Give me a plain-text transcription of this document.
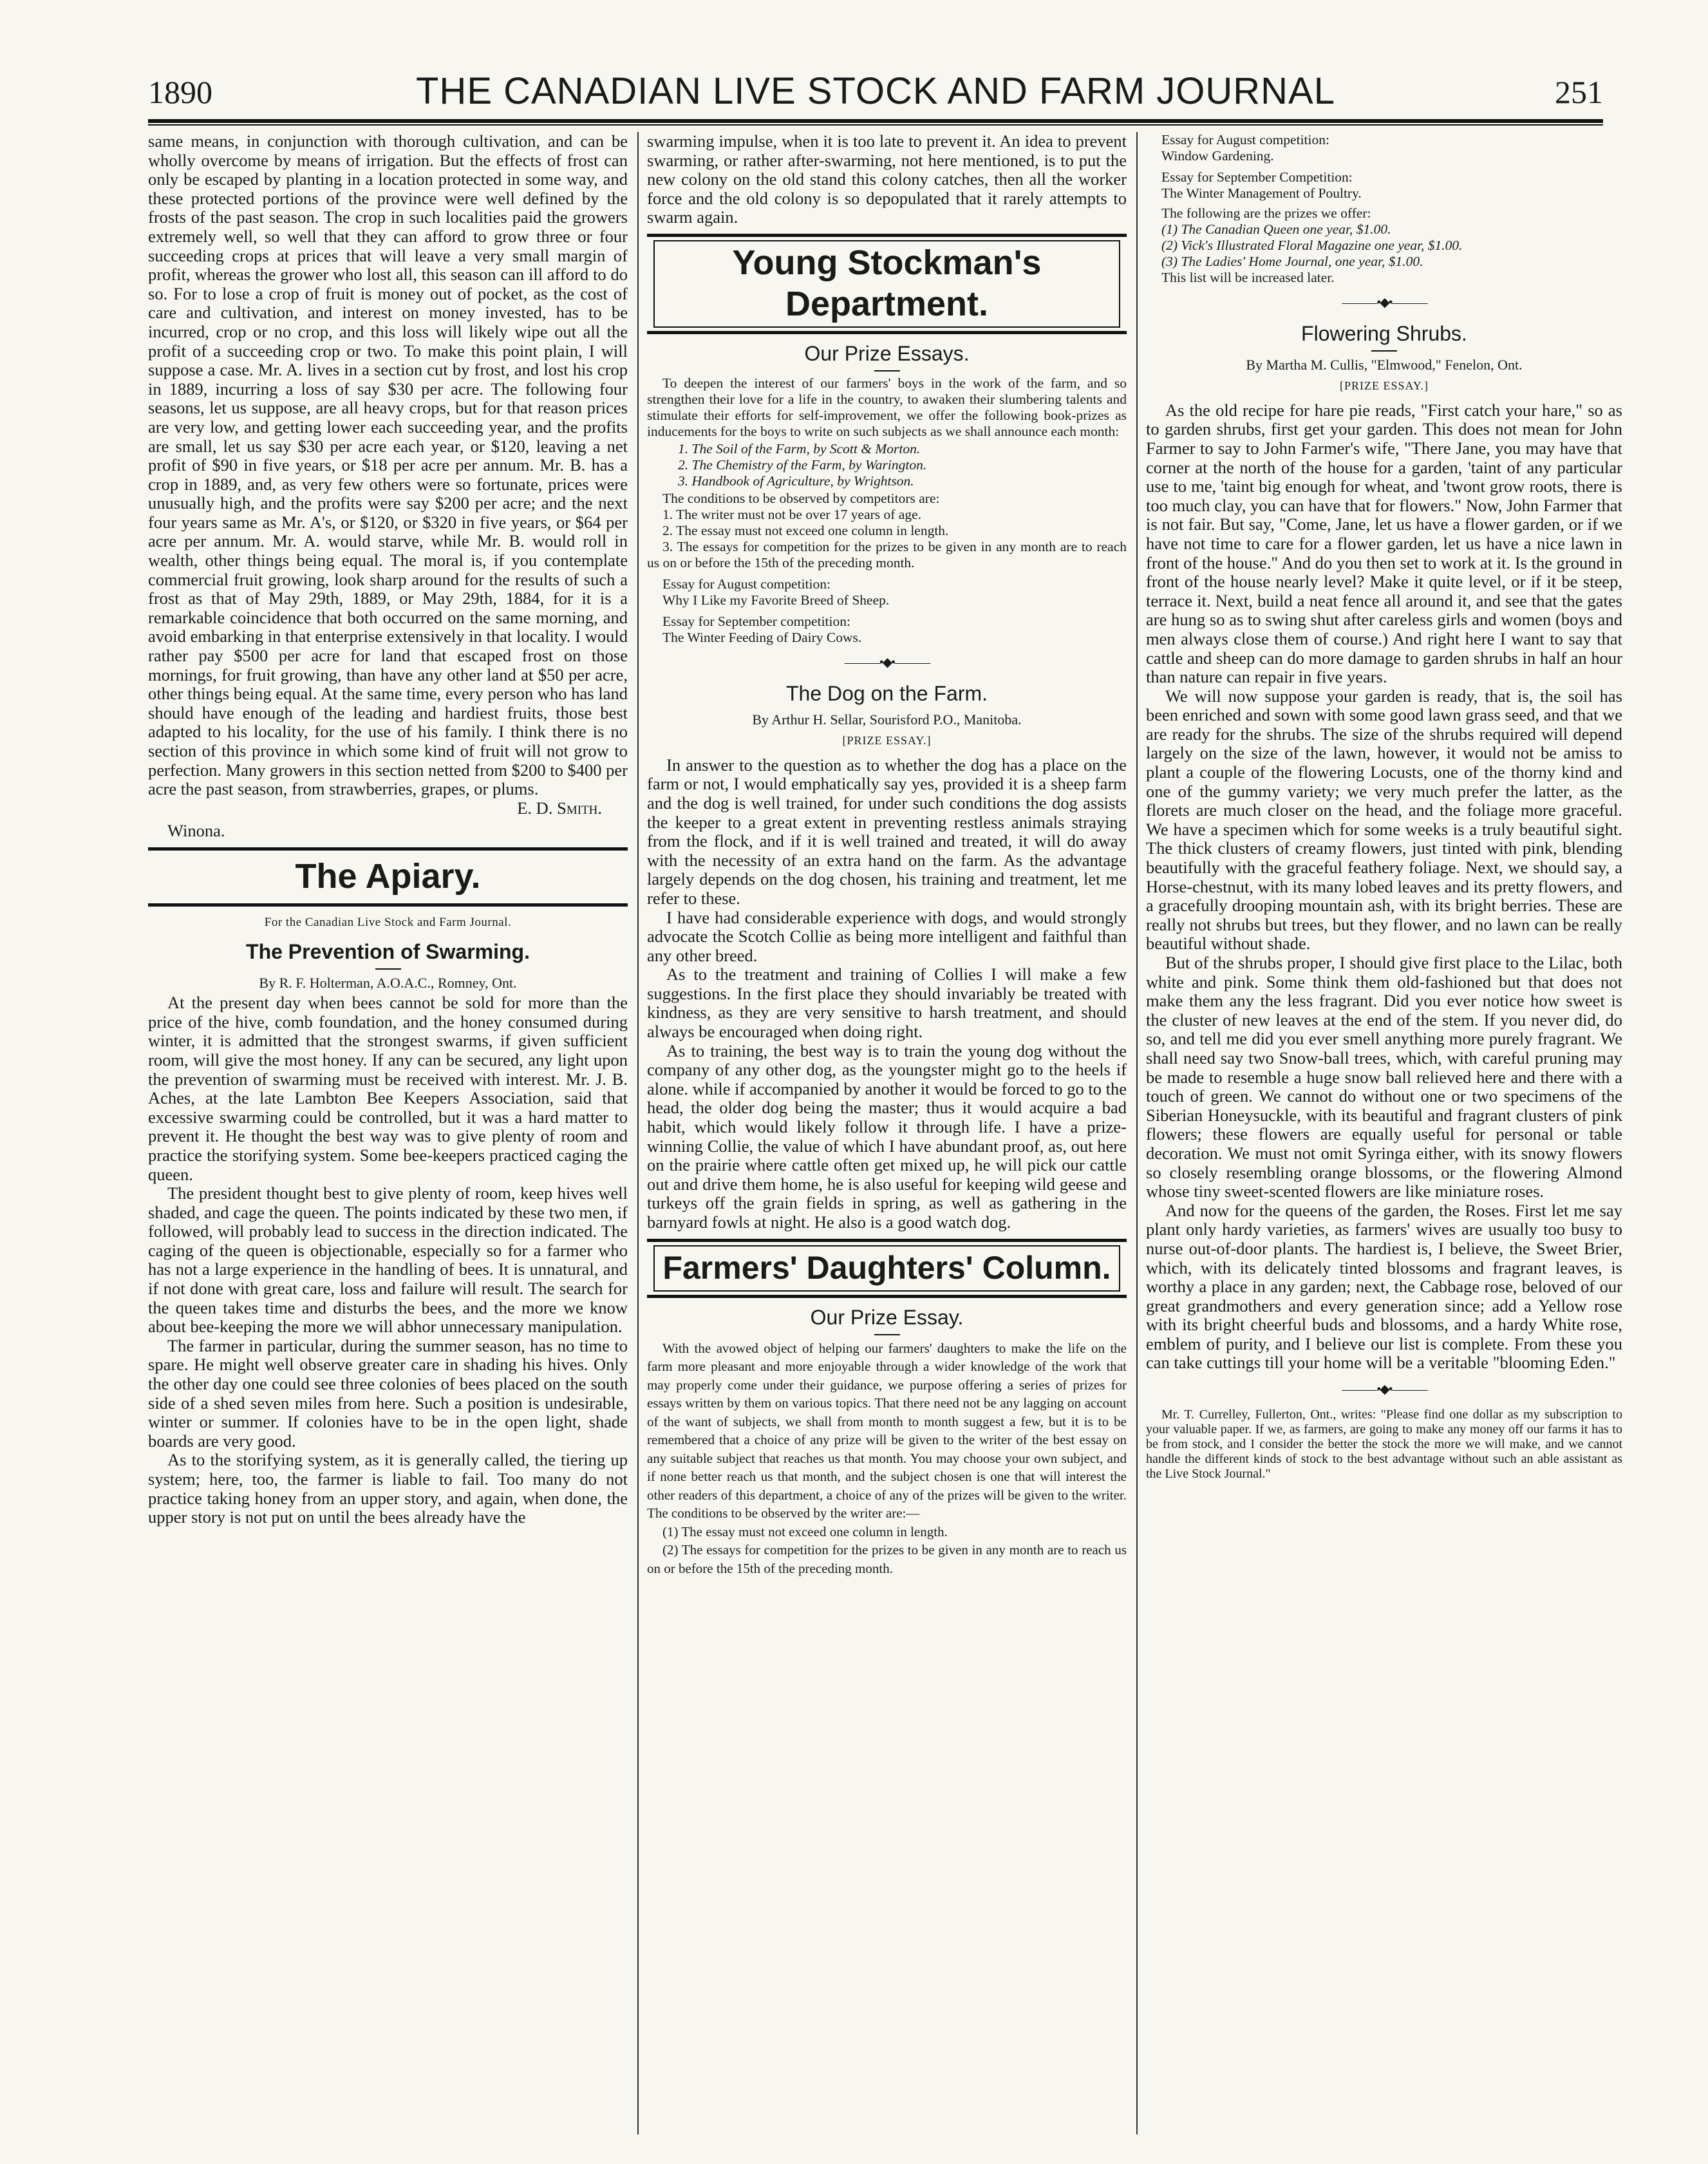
1890	THE CANADIAN LIVE STOCK AND FARM JOURNAL	251

same means, in conjunction with thorough cultivation, and can be wholly overcome by means of irrigation. But the effects of frost can only be escaped by planting in a location protected in some way, and these protected portions of the province were well defined by the frosts of the past season. The crop in such localities paid the growers extremely well, so well that they can afford to grow three or four succeeding crops at prices that will leave a very small margin of profit, whereas the grower who lost all, this season can ill afford to do so. For to lose a crop of fruit is money out of pocket, as the cost of care and cultivation, and interest on money invested, has to be incurred, crop or no crop, and this loss will likely wipe out all the profit of a succeeding crop or two. To make this point plain, I will suppose a case. Mr. A. lives in a section cut by frost, and lost his crop in 1889, incurring a loss of say $30 per acre. The following four seasons, let us suppose, are all heavy crops, but for that reason prices are very low, and getting lower each succeeding year, and the profits are small, let us say $30 per acre each year, or $120, leaving a net profit of $90 in five years, or $18 per acre per annum. Mr. B. has a crop in 1889, and, as very few others were so fortunate, prices were unusually high, and the profits were say $200 per acre; and the next four years same as Mr. A's, or $120, or $320 in five years, or $64 per acre per annum. Mr. A. would starve, while Mr. B. would roll in wealth, other things being equal. The moral is, if you contemplate commercial fruit growing, look sharp around for the results of such a frost as that of May 29th, 1889, or May 29th, 1884, for it is a remarkable coincidence that both occurred on the same morning, and avoid embarking in that enterprise extensively in that locality. I would rather pay $500 per acre for land that escaped frost on those mornings, for fruit growing, than have any other land at $50 per acre, other things being equal. At the same time, every person who has land should have enough of the leading and hardiest fruits, those best adapted to his locality, for the use of his family. I think there is no section of this province in which some kind of fruit will not grow to perfection. Many growers in this section netted from $200 to $400 per acre the past season, from strawberries, grapes, or plums.

E. D. Smith.
Winona.
The Apiary.
For the Canadian Live Stock and Farm Journal.
The Prevention of Swarming.
By R. F. Holterman, A.O.A.C., Romney, Ont.

At the present day when bees cannot be sold for more than the price of the hive, comb foundation, and the honey consumed during winter, it is admitted that the strongest swarms, if given sufficient room, will give the most honey. If any can be secured, any light upon the prevention of swarming must be received with interest. Mr. J. B. Aches, at the late Lambton Bee Keepers Association, said that excessive swarming could be controlled, but it was a hard matter to prevent it. He thought the best way was to give plenty of room and practice the storifying system. Some bee-keepers practiced caging the queen.

The president thought best to give plenty of room, keep hives well shaded, and cage the queen. The points indicated by these two men, if followed, will probably lead to success in the direction indicated. The caging of the queen is objectionable, especially so for a farmer who has not a large experience in the handling of bees. It is unnatural, and if not done with great care, loss and failure will result. The search for the queen takes time and disturbs the bees, and the more we know about bee-keeping the more we will abhor unnecessary manipulation.

The farmer in particular, during the summer season, has no time to spare. He might well observe greater care in shading his hives. Only the other day one could see three colonies of bees placed on the south side of a shed seven miles from here. Such a position is undesirable, winter or summer. If colonies have to be in the open light, shade boards are very good.

As to the storifying system, as it is generally called, the tiering up system; here, too, the farmer is liable to fail. Too many do not practice taking honey from an upper story, and again, when done, the upper story is not put on until the bees already have the

swarming impulse, when it is too late to prevent it. An idea to prevent swarming, or rather after-swarming, not here mentioned, is to put the new colony on the old stand this colony catches, then all the worker force and the old colony is so depopulated that it rarely attempts to swarm again.

Young Stockman's Department.
Our Prize Essays.

To deepen the interest of our farmers' boys in the work of the farm, and so strengthen their love for a life in the country, to awaken their slumbering talents and stimulate their efforts for self-improvement, we offer the following book-prizes as inducements for the boys to write on such subjects as we shall announce each month:

1. The Soil of the Farm, by Scott & Morton.
2. The Chemistry of the Farm, by Warington.
3. Handbook of Agriculture, by Wrightson.

The conditions to be observed by competitors are:

1. The writer must not be over 17 years of age.

2. The essay must not exceed one column in length.

3. The essays for competition for the prizes to be given in any month are to reach us on or before the 15th of the preceding month.

Essay for August competition:

Why I Like my Favorite Breed of Sheep.

Essay for September competition:

The Winter Feeding of Dairy Cows.

———•◆•———
The Dog on the Farm.
By Arthur H. Sellar, Sourisford P.O., Manitoba.
[PRIZE ESSAY.]

In answer to the question as to whether the dog has a place on the farm or not, I would emphatically say yes, provided it is a sheep farm and the dog is well trained, for under such conditions the dog assists the keeper to a great extent in preventing restless animals straying from the flock, and if it is well trained and treated, it will do away with the necessity of an extra hand on the farm. As the advantage largely depends on the dog chosen, his training and treatment, let me refer to these.

I have had considerable experience with dogs, and would strongly advocate the Scotch Collie as being more intelligent and faithful than any other breed.

As to the treatment and training of Collies I will make a few suggestions. In the first place they should invariably be treated with kindness, as they are very sensitive to harsh treatment, and should always be encouraged when doing right.

As to training, the best way is to train the young dog without the company of any other dog, as the youngster might go to the heels if alone. while if accompanied by another it would be forced to go to the head, the older dog being the master; thus it would acquire a bad habit, which would likely follow it through life. I have a prize-winning Collie, the value of which I have abundant proof, as, out here on the prairie where cattle often get mixed up, he will pick our cattle out and drive them home, he is also useful for keeping wild geese and turkeys off the grain fields in spring, as well as gathering in the barnyard fowls at night. He also is a good watch dog.

Farmers' Daughters' Column.
Our Prize Essay.

With the avowed object of helping our farmers' daughters to make the life on the farm more pleasant and more enjoyable through a wider knowledge of the work that may properly come under their guidance, we purpose offering a series of prizes for essays written by them on various topics. That there need not be any lagging on account of the want of subjects, we shall from month to month suggest a few, but it is to be remembered that a choice of any prize will be given to the writer of the best essay on any suitable subject that reaches us that month. You may choose your own subject, and if none better reach us that month, and the subject chosen is one that will interest the other readers of this department, a choice of any of the prizes will be given to the writer. The conditions to be observed by the writer are:—

(1) The essay must not exceed one column in length.

(2) The essays for competition for the prizes to be given in any month are to reach us on or before the 15th of the preceding month.

Essay for August competition:

Window Gardening.

Essay for September Competition:

The Winter Management of Poultry.

The following are the prizes we offer:

(1) The Canadian Queen one year, $1.00.

(2) Vick's Illustrated Floral Magazine one year, $1.00.

(3) The Ladies' Home Journal, one year, $1.00.

This list will be increased later.

———•◆•———
Flowering Shrubs.
By Martha M. Cullis, "Elmwood," Fenelon, Ont.
[PRIZE ESSAY.]

As the old recipe for hare pie reads, "First catch your hare," so as to garden shrubs, first get your garden. This does not mean for John Farmer to say to John Farmer's wife, "There Jane, you may have that corner at the north of the house for a garden, 'taint of any particular use to me, 'taint big enough for wheat, and 'twont grow roots, there is too much clay, you can have that for flowers." Now, John Farmer that is not fair. But say, "Come, Jane, let us have a flower garden, or if we have not time to care for a flower garden, let us have a nice lawn in front of the house." And do you then set to work at it. Is the ground in front of the house nearly level? Make it quite level, or if it be steep, terrace it. Next, build a neat fence all around it, and see that the gates are hung so as to swing shut after careless girls and women (boys and men always close them of course.) And right here I want to say that cattle and sheep can do more damage to garden shrubs in half an hour than nature can repair in five years.

We will now suppose your garden is ready, that is, the soil has been enriched and sown with some good lawn grass seed, and that we are ready for the shrubs. The size of the shrubs required will depend largely on the size of the lawn, however, it would not be amiss to plant a couple of the flowering Locusts, one of the thorny kind and one of the gummy variety; we very much prefer the latter, as the florets are much closer on the head, and the foliage more graceful. We have a specimen which for some weeks is a truly beautiful sight. The thick clusters of creamy flowers, just tinted with pink, blending beautifully with the graceful feathery foliage. Next, we should say, a Horse-chestnut, with its many lobed leaves and its pretty flowers, and a gracefully drooping mountain ash, with its bright berries. These are really not shrubs but trees, but they flower, and no lawn can be really beautiful without shade.

But of the shrubs proper, I should give first place to the Lilac, both white and pink. Some think them old-fashioned but that does not make them any the less fragrant. Did you ever notice how sweet is the cluster of new leaves at the end of the stem. If you never did, do so, and tell me did you ever smell anything more purely fragrant. We shall need say two Snow-ball trees, which, with careful pruning may be made to resemble a huge snow ball relieved here and there with a touch of green. We cannot do without one or two specimens of the Siberian Honeysuckle, with its beautiful and fragrant clusters of pink flowers; these flowers are equally useful for personal or table decoration. We must not omit Syringa either, with its snowy flowers so closely resembling orange blossoms, or the flowering Almond whose tiny sweet-scented flowers are like miniature roses.

And now for the queens of the garden, the Roses. First let me say plant only hardy varieties, as farmers' wives are usually too busy to nurse out-of-door plants. The hardiest is, I believe, the Sweet Brier, which, with its delicately tinted blossoms and fragrant leaves, is worthy a place in any garden; next, the Cabbage rose, beloved of our great grandmothers and every generation since; add a Yellow rose with its bright cheerful buds and blossoms, and a hardy White rose, emblem of purity, and I believe our list is complete. From these you can take cuttings till your home will be a veritable "blooming Eden."

———•◆•———

Mr. T. Currelley, Fullerton, Ont., writes: "Please find one dollar as my subscription to your valuable paper. If we, as farmers, are going to make any money off our farms it has to be from stock, and I consider the better the stock the more we will make, and we cannot handle the different kinds of stock to the best advantage without such an able assistant as the Live Stock Journal."
